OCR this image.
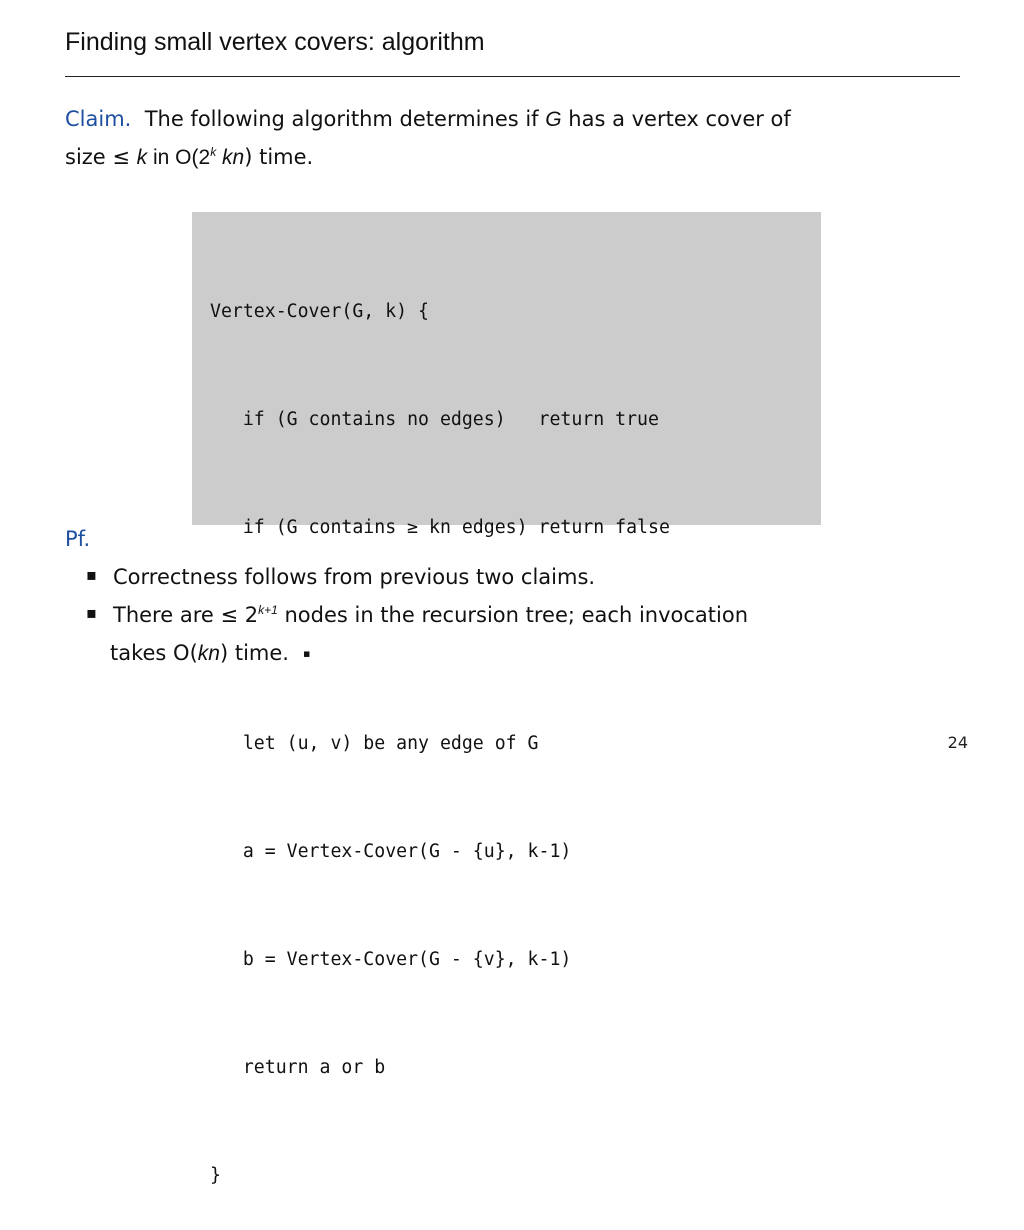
Finding small vertex covers: algorithm
Claim. The following algorithm determines if G has a vertex cover of
size ≤ k in O(2$^k$ kn) time.

Vertex-Cover(G, k) {

if (G contains no edges)   return true

if (G contains ≥ kn edges) return false

let (u, v) be any edge of G

a = Vertex-Cover(G - {u}, k-1)

b = Vertex-Cover(G - {v}, k-1)

return a or b

}

Pf.
▪ Correctness follows from previous two claims.
▪ There are ≤ $2^{k+1}$ nodes in the recursion tree; each invocation
takes O(kn) time. ▪
24
